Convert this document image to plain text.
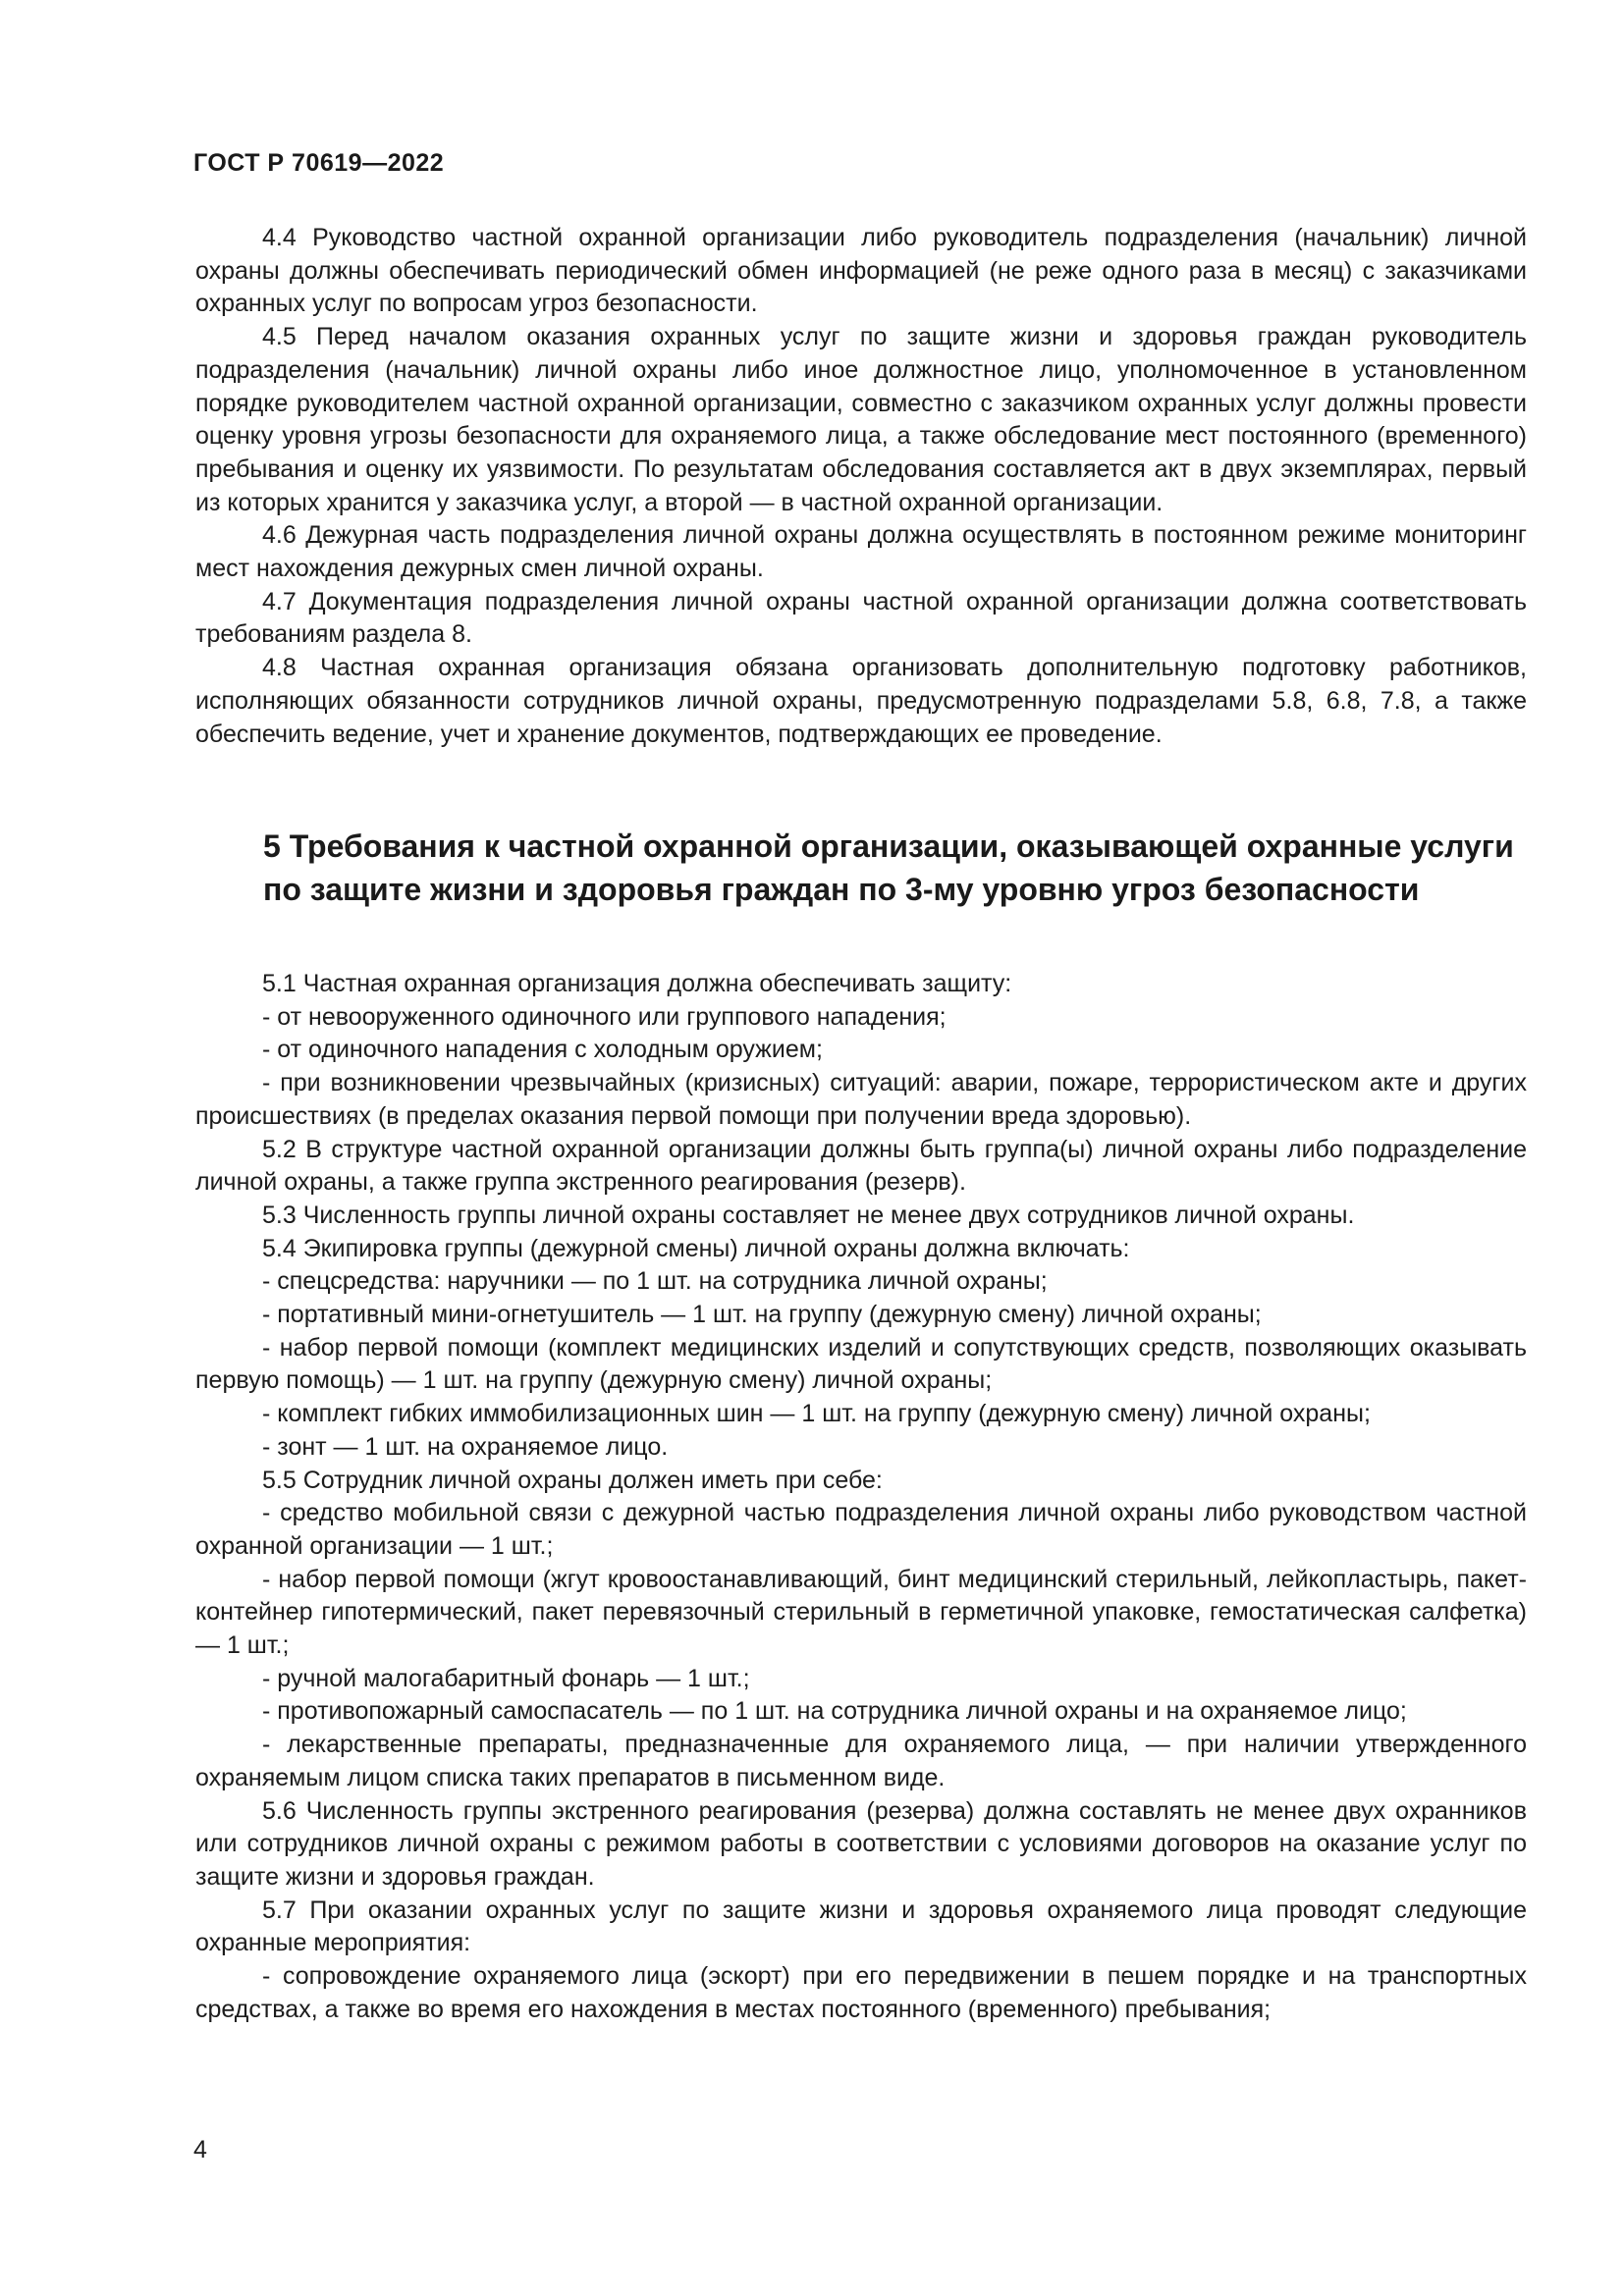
ГОСТ Р 70619—2022

4.4 Руководство частной охранной организации либо руководитель подразделения (начальник) личной охраны должны обеспечивать периодический обмен информацией (не реже одного раза в месяц) с заказчиками охранных услуг по вопросам угроз безопасности.

4.5 Перед началом оказания охранных услуг по защите жизни и здоровья граждан руководитель подразделения (начальник) личной охраны либо иное должностное лицо, уполномоченное в установленном порядке руководителем частной охранной организации, совместно с заказчиком охранных услуг должны провести оценку уровня угрозы безопасности для охраняемого лица, а также обследование мест постоянного (временного) пребывания и оценку их уязвимости. По результатам обследования составляется акт в двух экземплярах, первый из которых хранится у заказчика услуг, а второй — в частной охранной организации.

4.6 Дежурная часть подразделения личной охраны должна осуществлять в постоянном режиме мониторинг мест нахождения дежурных смен личной охраны.

4.7 Документация подразделения личной охраны частной охранной организации должна соответствовать требованиям раздела 8.

4.8 Частная охранная организация обязана организовать дополнительную подготовку работников, исполняющих обязанности сотрудников личной охраны, предусмотренную подразделами 5.8, 6.8, 7.8, а также обеспечить ведение, учет и хранение документов, подтверждающих ее проведение.

5 Требования к частной охранной организации, оказывающей охранные услуги по защите жизни и здоровья граждан по 3-му уровню угроз безопасности

5.1 Частная охранная организация должна обеспечивать защиту:

- от невооруженного одиночного или группового нападения;

- от одиночного нападения с холодным оружием;

- при возникновении чрезвычайных (кризисных) ситуаций: аварии, пожаре, террористическом акте и других происшествиях (в пределах оказания первой помощи при получении вреда здоровью).

5.2 В структуре частной охранной организации должны быть группа(ы) личной охраны либо подразделение личной охраны, а также группа экстренного реагирования (резерв).

5.3 Численность группы личной охраны составляет не менее двух сотрудников личной охраны.

5.4 Экипировка группы (дежурной смены) личной охраны должна включать:

- спецсредства: наручники — по 1 шт. на сотрудника личной охраны;

- портативный мини-огнетушитель — 1 шт. на группу (дежурную смену) личной охраны;

- набор первой помощи (комплект медицинских изделий и сопутствующих средств, позволяющих оказывать первую помощь) — 1 шт. на группу (дежурную смену) личной охраны;

- комплект гибких иммобилизационных шин — 1 шт. на группу (дежурную смену) личной охраны;

- зонт — 1 шт. на охраняемое лицо.

5.5 Сотрудник личной охраны должен иметь при себе:

- средство мобильной связи с дежурной частью подразделения личной охраны либо руководством частной охранной организации — 1 шт.;

- набор первой помощи (жгут кровоостанавливающий, бинт медицинский стерильный, лейкопластырь, пакет-контейнер гипотермический, пакет перевязочный стерильный в герметичной упаковке, гемостатическая салфетка) — 1 шт.;

- ручной малогабаритный фонарь — 1 шт.;

- противопожарный самоспасатель — по 1 шт. на сотрудника личной охраны и на охраняемое лицо;

- лекарственные препараты, предназначенные для охраняемого лица, — при наличии утвержденного охраняемым лицом списка таких препаратов в письменном виде.

5.6 Численность группы экстренного реагирования (резерва) должна составлять не менее двух охранников или сотрудников личной охраны с режимом работы в соответствии с условиями договоров на оказание услуг по защите жизни и здоровья граждан.

5.7 При оказании охранных услуг по защите жизни и здоровья охраняемого лица проводят следующие охранные мероприятия:

- сопровождение охраняемого лица (эскорт) при его передвижении в пешем порядке и на транспортных средствах, а также во время его нахождения в местах постоянного (временного) пребывания;

4
